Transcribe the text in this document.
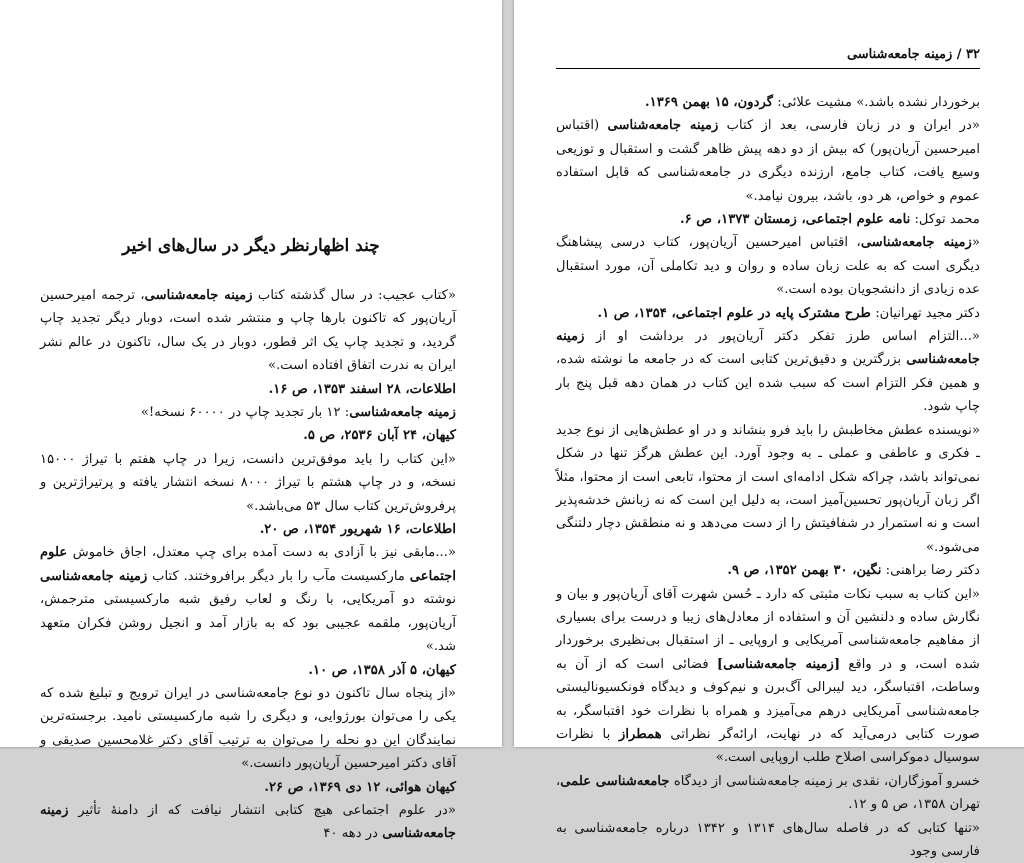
چند اظهارنظر دیگر در سال‌های اخیر

«کتاب عجیب: در سال گذشته کتاب زمینه جامعه‌شناسی، ترجمه امیرحسین آریان‌پور که تاکنون بارها چاپ و منتشر شده است، دوبار دیگر تجدید چاپ گردید، و تجدید چاپ یک اثر قطور، دوبار در یک سال، تاکنون در عالم نشر ایران به ندرت اتفاق افتاده است.»

اطلاعات، ۲۸ اسفند ۱۳۵۳، ص ۱۶.

زمینه جامعه‌شناسی: ۱۲ بار تجدید چاپ در ۶۰۰۰۰ نسخه!»

کیهان، ۲۴ آبان ۲۵۳۶، ص ۵.

«این کتاب را باید موفق‌ترین دانست، زیرا در چاپ هفتم با تیراژ ۱۵۰۰۰ نسخه، و در چاپ هشتم با تیراژ ۸۰۰۰ نسخه انتشار یافته و پرتیراژترین و پرفروش‌ترین کتاب سال ۵۳ می‌باشد.»

اطلاعات، ۱۶ شهریور ۱۳۵۴، ص ۲۰.

«...مابقی نیز با آزادی به دست آمده برای چپ معتدل، اجاق خاموش علوم اجتماعی مارکسیست مآب را بار دیگر برافروختند. کتاب زمینه جامعه‌شناسی نوشته دو آمریکایی، با رنگ و لعاب رفیق شبه مارکسیستی مترجمش، آریان‌پور، ملقمه عجیبی بود که به بازار آمد و انجیل روشن فکران متعهد شد.»

کیهان، ۵ آذر ۱۳۵۸، ص ۱۰.

«از پنجاه سال تاکنون دو نوع جامعه‌شناسی در ایران ترویج و تبلیغ شده که یکی را می‌توان بورژوایی، و دیگری را شبه مارکسیستی نامید. برجسته‌ترین نمایندگان این دو نحله را می‌توان به ترتیب آقای دکتر غلامحسین صدیقی و آقای دکتر امیرحسین آریان‌پور دانست.»

کیهان هوائی، ۱۲ دی ۱۳۶۹، ص ۲۶.

«در علوم اجتماعی هیچ کتابی انتشار نیافت که از دامنهٔ تأثیر زمینه جامعه‌شناسی در دهه ۴۰

۳۲ / زمینه جامعه‌شناسی

برخوردار نشده باشد.» مشیت علائی: گردون، ۱۵ بهمن ۱۳۶۹.

«در ایران و در زبان فارسی، بعد از کتاب زمینه جامعه‌شناسی (اقتباس امیرحسین آریان‌پور) که بیش از دو دهه پیش ظاهر گشت و استقبال و توزیعی وسیع یافت، کتاب جامع، ارزنده دیگری در جامعه‌شناسی که قابل استفاده عموم و خواص، هر دو، باشد، بیرون نیامد.»

محمد توکل: نامه علوم اجتماعی، زمستان ۱۳۷۳، ص ۶.

«زمینه جامعه‌شناسی، اقتباس امیرحسین آریان‌پور، کتاب درسی پیشاهنگ دیگری است که به علت زبان ساده و روان و دید تکاملی آن، مورد استقبال عده زیادی از دانشجویان بوده است.»

دکتر مجید تهرانیان: طرح مشترک پایه در علوم اجتماعی، ۱۳۵۴، ص ۱.

«...التزام اساس طرز تفکر دکتر آریان‌پور در برداشت او از زمینه جامعه‌شناسی بزرگترین و دقیق‌ترین کتابی است که در جامعه ما نوشته شده، و همین فکر التزام است که سبب شده این کتاب در همان دهه قبل پنج بار چاپ شود.

«نویسنده عطش مخاطبش را باید فرو بنشاند و در او عطش‌هایی از نوع جدید ـ فکری و عاطفی و عملی ـ به وجود آورد. این عطش هرگز تنها در شکل نمی‌تواند باشد، چراکه شکل ادامه‌ای است از محتوا، تابعی است از محتوا، مثلاً اگر زبان آریان‌پور تحسین‌آمیز است، به دلیل این است که نه زبانش خدشه‌پذیر است و نه استمرار در شفافیتش را از دست می‌دهد و نه منطقش دچار دلتنگی می‌شود.»

دکتر رضا براهنی: نگین، ۳۰ بهمن ۱۳۵۲، ص ۹.

«این کتاب به سبب نکات مثبتی که دارد ـ حُسن شهرت آقای آریان‌پور و بیان و نگارش ساده و دلنشین آن و استفاده از معادل‌های زیبا و درست برای بسیاری از مفاهیم جامعه‌شناسی آمریکایی و اروپایی ـ از استقبال بی‌نظیری برخوردار شده است، و در واقع [زمینه جامعه‌شناسی] فضائی است که از آن به وساطت، اقتباسگر، دید لیبرالی آگ‌برن و نیم‌کوف و دیدگاه فونکسیونالیستی جامعه‌شناسی آمریکایی درهم می‌آمیزد و همراه با نظرات خود اقتباسگر، به صورت کتابی درمی‌آید که در نهایت، ارائه‌گر نظراتی همطراز با نظرات سوسیال دموکراسی اصلاح طلب اروپایی است.»

خسرو آموزگاران، نقدی بر زمینه جامعه‌شناسی از دیدگاه جامعه‌شناسی علمی، تهران ۱۳۵۸، ص ۵ و ۱۲.

«تنها کتابی که در فاصله سال‌های ۱۳۱۴ و ۱۳۴۲ درباره جامعه‌شناسی به فارسی وجود
